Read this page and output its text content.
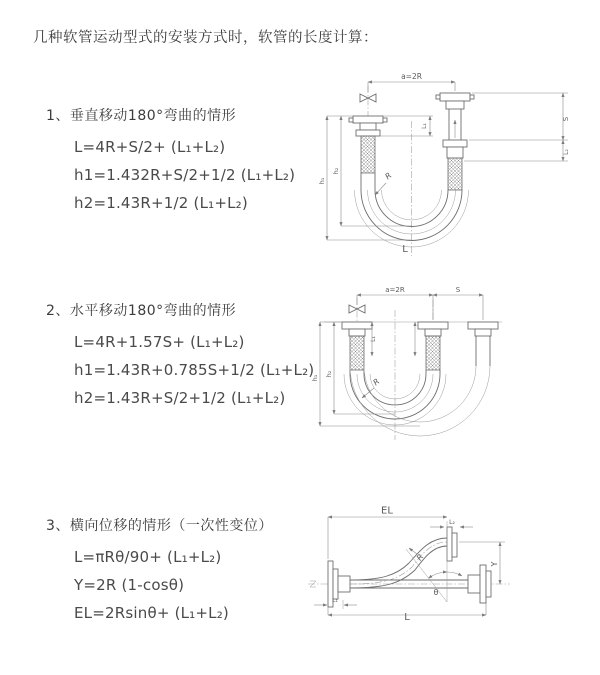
几种软管运动型式的安装方式时，软管的长度计算：
1、垂直移动180°弯曲的情形
L=4R+S/2+ (L₁+L₂)
h1=1.432R+S/2+1/2 (L₁+L₂)
h2=1.43R+1/2 (L₁+L₂)
2、水平移动180°弯曲的情形
L=4R+1.57S+ (L₁+L₂)
h1=1.43R+0.785S+1/2 (L₁+L₂)
h2=1.43R+S/2+1/2 (L₁+L₂)
3、横向位移的情形（一次性变位）
L=πRθ/90+ (L₁+L₂)
Y=2R (1-cosθ)
EL=2Rsinθ+ (L₁+L₂)
a=2R
L₁
S
L₂
h₁
h₂	R
L
a=2R	S
L₁
h₁
h₂
R
EL
L₂
Y
θ
R
L₁
L
